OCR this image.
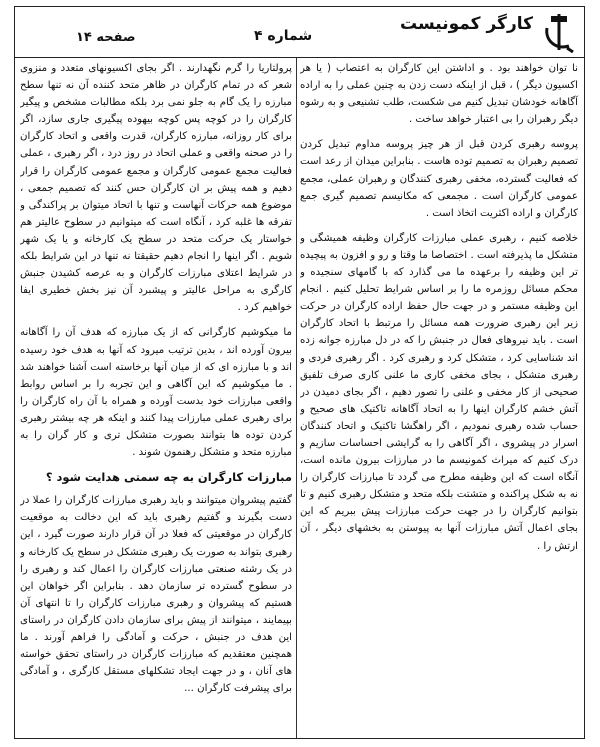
کارگر کمونیست
شماره ۴
صفحه ۱۴

نا توان خواهند بود . و اداشتن این کارگران به اعتصاب ( یا هر اکسیون دیگر ) ، قبل از اینکه دست زدن به چنین عملی را به اراده آگاهانه خودشان تبدیل کنیم می شکست، طلب تشنیعی و به رشوه دیگر رهبران را بی اعتبار خواهد ساخت .

پروسه رهبری کردن قبل از هر چیز پروسه مداوم تبدیل کردن تصمیم رهبران به تصمیم توده هاست . بنابراین میدان از رعد است که فعالیت گسترده، مخفی رهبری کنندگان و رهبران عملی، مجمع عمومی کارگران است . مجمعی که مکانیسم تصمیم گیری جمع کارگران و اراده اکثریت اتخاذ است .

خلاصه کنیم ، رهبری عملی مبارزات کارگران وظیفه همیشگی و متشکل ما پذیرفته است . اختصاصا ما وقتا و رو و افزون به پیچیده تر این وظیفه را برعهده ما می گذارد که با گامهای سنجیده و محکم مسائل روزمره ما را بر اساس شرایط تحلیل کنیم . انجام این وظیفه مستمر و در جهت حال حفظ اراده کارگران در حرکت زیر این رهبری ضرورت همه مسائل را مرتبط با اتحاد کارگران است . باید نیروهای فعال در جنبش را که در دل مبارزه جوانه زده اند شناسایی کرد ، متشکل کرد و رهبری کرد . اگر رهبری فردی و رهبری متشکل ، بجای مخفی کاری ما علنی کاری صرف تلفیق صحیحی از کار مخفی و علنی را تصور دهیم ، اگر بجای دمیدن در آتش خشم کارگران اینها را به اتحاد آگاهانه تاکتیک های صحیح و حساب شده رهبری نمودیم ، اگر راهگشا تاکتیک و اتحاد کنندگان اسرار در پیشروی ، اگر آگاهی را به گرایشی احساسات سازیم و درک کنیم که میراث کمونیسم ما در مبارزات بیرون مانده است، آنگاه است که این وظیفه مطرح می گردد تا مبارزات کارگران را نه به شکل پراکنده و متشتت بلکه متحد و متشکل رهبری کنیم و تا بتوانیم کارگران را در جهت حرکت مبارزات پیش ببریم که این بجای اعمال آتش مبارزات آنها به پیوستن به بخشهای دیگر ، آن ارتش را .

پرولتاریا را گرم نگهدارند . اگر بجای اکسیونهای متعدد و منزوی شعر که در تمام کارگران در ظاهر متحد کننده آن نه تنها سطح مبارزه را یک گام به جلو نمی برد بلکه مطالبات مشخص و پیگیر کارگران را در کوچه پس کوچه بیهوده پیگیری جاری سازد، اگر برای کار روزانه، مبارزه کارگران، قدرت واقعی و اتحاد کارگران را در صحنه واقعی و عملی اتحاد در روز درد ، اگر رهبری ، عملی فعالیت مجمع عمومی کارگران و مجمع عمومی کارگران را قرار دهیم و همه پیش بر ان کارگران حس کنند که تصمیم جمعی ، موضوع همه حرکات آنهاست و تنها با اتحاد میتوان بر پراکندگی و تفرقه ها غلبه کرد ، آنگاه است که میتوانیم در سطوح عالیتر هم خواستار یک حرکت متحد در سطح یک کارخانه و یا یک شهر شویم . اگر اینها را انجام دهیم حقیقتا نه تنها در این شرایط بلکه در شرایط اعتلای مبارزات کارگران و به عرصه کشیدن جنبش کارگری به مراحل عالیتر و پیشبرد آن نیز بخش خطیری ایفا خواهیم کرد .

ما میکوشیم کارگرانی که از یک مبارزه که هدف آن را آگاهانه بیرون آورده اند ، بدین ترتیب میرود که آنها به هدف خود رسیده اند و با مبارزه ای که از میان آنها برخاسته است آشنا خواهند شد . ما میکوشیم که این آگاهی و این تجربه را بر اساس روابط واقعی مبارزات خود بدست آورده و همراه با آن راه کارگران را برای رهبری عملی مبارزات پیدا کنند و اینکه هر چه بیشتر رهبری کردن توده ها بتوانند بصورت متشکل تری و کار گران را به مبارزه متحد و متشکل رهنمون شوند .

مبارزات کارگران به چه سمتی هدایت شود ؟

گفتیم پیشروان میتوانند و باید رهبری مبارزات کارگران را عملا در دست بگیرند و گفتیم رهبری باید که این دخالت به موقعیت کارگران در موقعیتی که فعلا در آن قرار دارند صورت گیرد ، این رهبری بتواند به صورت یک رهبری متشکل در سطح یک کارخانه و در یک رشته صنعتی مبارزات کارگران را اعمال کند و رهبری را در سطوح گسترده تر سازمان دهد . بنابراین اگر خواهان این هستیم که پیشروان و رهبری مبارزات کارگران را تا انتهای آن بپیمایند ، میتوانند از پیش برای سازمان دادن کارگران در راستای این هدف در جنبش ، حرکت و آمادگی را فراهم آورند . ما همچنین معتقدیم که مبارزات کارگران در راستای تحقق خواسته های آنان ، و در جهت ایجاد تشکلهای مستقل کارگری ، و آمادگی برای پیشرفت کارگران ...
